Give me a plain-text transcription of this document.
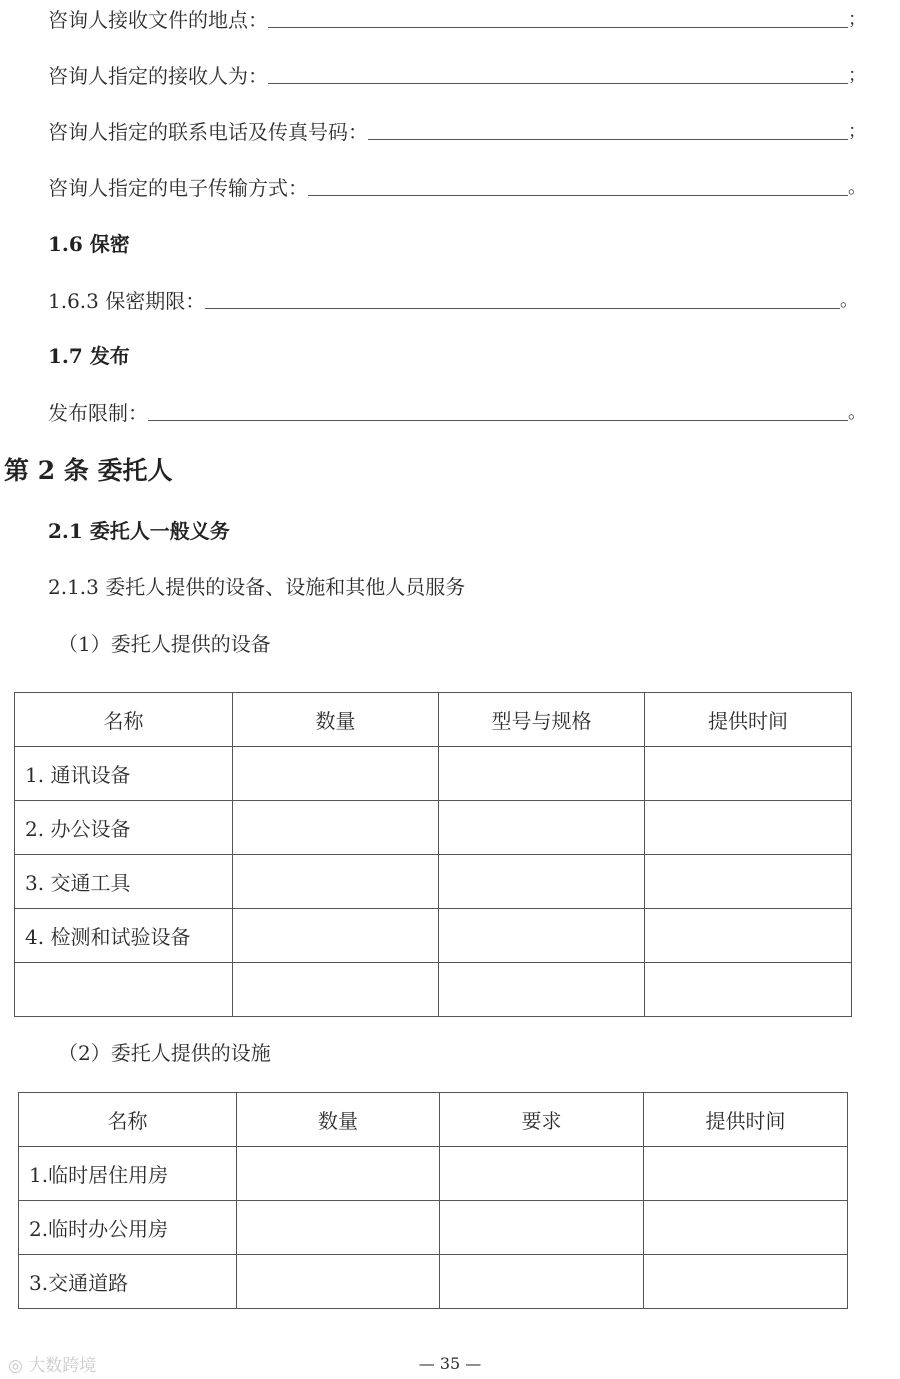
咨询人接收文件的地点：	；
咨询人指定的接收人为：	；
咨询人指定的联系电话及传真号码：	；
咨询人指定的电子传输方式：	。
1.6 保密
1.6.3 保密期限：	。
1.7 发布
发布限制：	。
第 2 条 委托人
2.1 委托人一般义务
2.1.3 委托人提供的设备、设施和其他人员服务
（1）委托人提供的设备
名称	数量	型号与规格	提供时间
1. 通讯设备			
2. 办公设备			
3. 交通工具			
4. 检测和试验设备			

（2）委托人提供的设施
名称	数量	要求	提供时间
1.临时居住用房			
2.临时办公用房			
3.交通道路			
◎ 大数跨境	— 35 —
